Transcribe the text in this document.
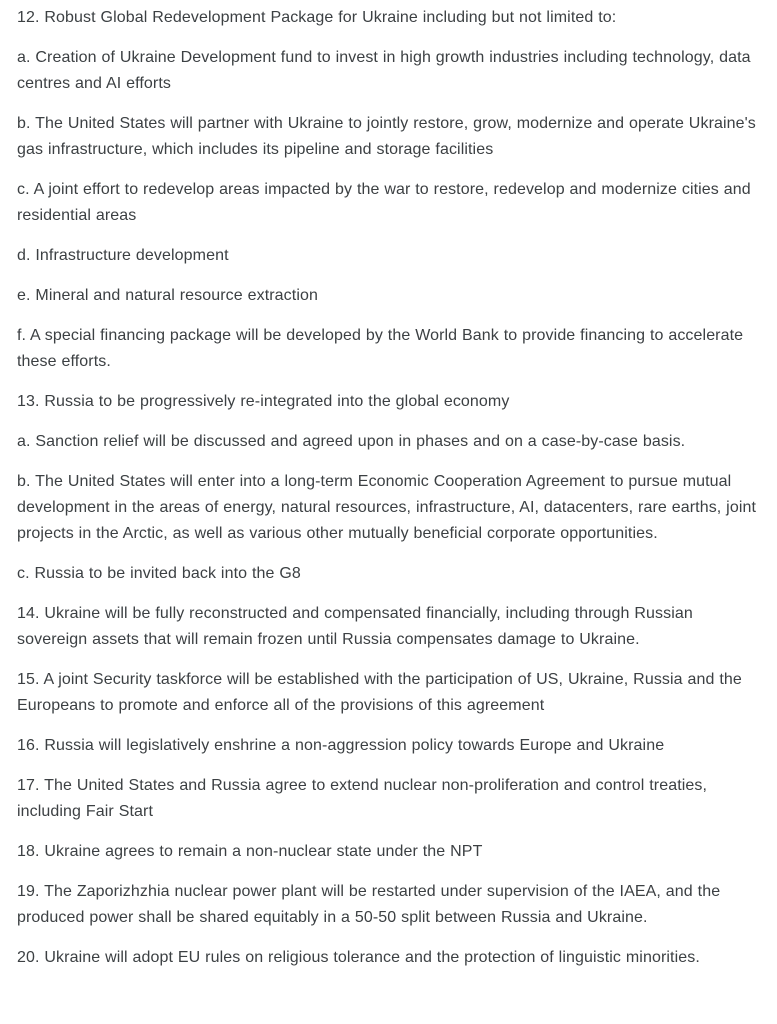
12. Robust Global Redevelopment Package for Ukraine including but not limited to:

a. Creation of Ukraine Development fund to invest in high growth industries including technology, data centres and AI efforts

b. The United States will partner with Ukraine to jointly restore, grow, modernize and operate Ukraine's gas infrastructure, which includes its pipeline and storage facilities

c. A joint effort to redevelop areas impacted by the war to restore, redevelop and modernize cities and residential areas

d. Infrastructure development

e. Mineral and natural resource extraction

f. A special financing package will be developed by the World Bank to provide financing to accelerate these efforts.

13. Russia to be progressively re-integrated into the global economy

a. Sanction relief will be discussed and agreed upon in phases and on a case-by-case basis.

b. The United States will enter into a long-term Economic Cooperation Agreement to pursue mutual development in the areas of energy, natural resources, infrastructure, AI, datacenters, rare earths, joint projects in the Arctic, as well as various other mutually beneficial corporate opportunities.

c. Russia to be invited back into the G8

14. Ukraine will be fully reconstructed and compensated financially, including through Russian sovereign assets that will remain frozen until Russia compensates damage to Ukraine.

15. A joint Security taskforce will be established with the participation of US, Ukraine, Russia and the Europeans to promote and enforce all of the provisions of this agreement

16. Russia will legislatively enshrine a non-aggression policy towards Europe and Ukraine

17. The United States and Russia agree to extend nuclear non-proliferation and control treaties, including Fair Start

18. Ukraine agrees to remain a non-nuclear state under the NPT

19. The Zaporizhzhia nuclear power plant will be restarted under supervision of the IAEA, and the produced power shall be shared equitably in a 50-50 split between Russia and Ukraine.

20. Ukraine will adopt EU rules on religious tolerance and the protection of linguistic minorities.
